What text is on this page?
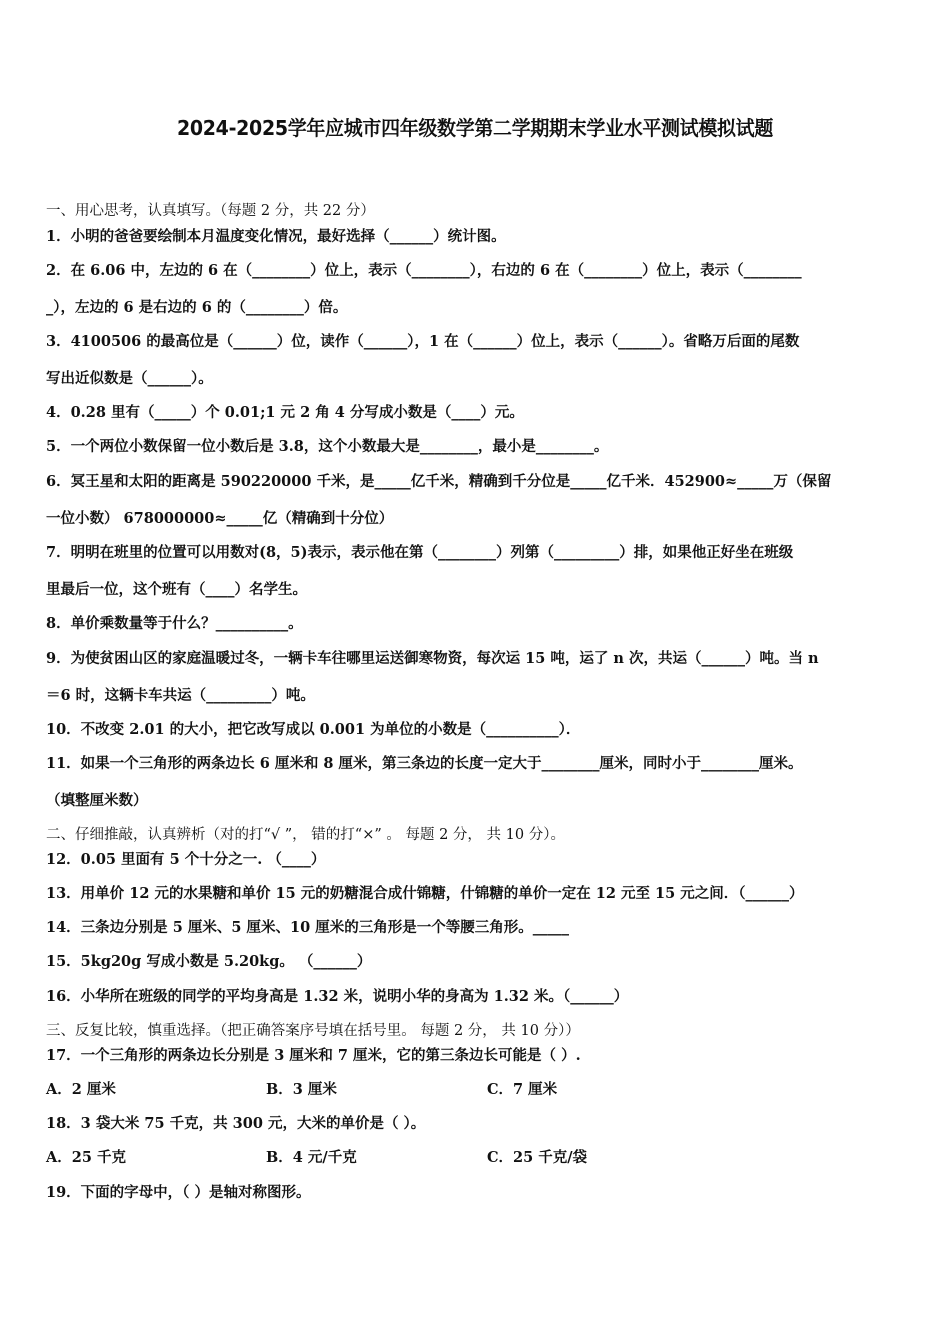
2024-2025学年应城市四年级数学第二学期期末学业水平测试模拟试题
一、用心思考，认真填写。（每题 2 分，共 22 分）
1．小明的爸爸要绘制本月温度变化情况，最好选择（______）统计图。
2．在 6.06 中，左边的 6 在（________）位上，表示（________），右边的 6 在（________）位上，表示（________
_），左边的 6 是右边的 6 的（________）倍。
3．4100506 的最高位是（______）位，读作（______），1 在（______）位上，表示（______）。省略万后面的尾数
写出近似数是（______）。
4．0.28 里有（_____）个 0.01;1 元 2 角 4 分写成小数是（____）元。
5．一个两位小数保留一位小数后是 3.8，这个小数最大是________，最小是________。
6．冥王星和太阳的距离是 590220000 千米，是_____亿千米，精确到千分位是_____亿千米．452900≈_____万（保留
一位小数） 678000000≈_____亿（精确到十分位）
7．明明在班里的位置可以用数对(8，5)表示，表示他在第（________）列第（_________）排，如果他正好坐在班级
里最后一位，这个班有（____）名学生。
8．单价乘数量等于什么？__________。
9．为使贫困山区的家庭温暖过冬，一辆卡车往哪里运送御寒物资，每次运 15 吨，运了 n 次，共运（______）吨。当 n
＝6 时，这辆卡车共运（_________）吨。
10．不改变 2.01 的大小，把它改写成以 0.001 为单位的小数是（__________）．
11．如果一个三角形的两条边长 6 厘米和 8 厘米，第三条边的长度一定大于________厘米，同时小于________厘米。
（填整厘米数）
二、仔细推敲，认真辨析（对的打“√ ”， 错的打“×” 。 每题 2 分， 共 10 分）。
12．0.05 里面有 5 个十分之一. （____）
13．用单价 12 元的水果糖和单价 15 元的奶糖混合成什锦糖，什锦糖的单价一定在 12 元至 15 元之间．（______）
14．三条边分别是 5 厘米、5 厘米、10 厘米的三角形是一个等腰三角形。_____
15．5kg20g 写成小数是 5.20kg。 （______）
16．小华所在班级的同学的平均身高是 1.32 米，说明小华的身高为 1.32 米。（______）
三、反复比较，慎重选择。（把正确答案序号填在括号里。 每题 2 分， 共 10 分））
17．一个三角形的两条边长分别是 3 厘米和 7 厘米，它的第三条边长可能是（ ）.
A．2 厘米	B．3 厘米	C．7 厘米
18．3 袋大米 75 千克，共 300 元，大米的单价是（ ）。
A．25 千克	B．4 元/千克	C．25 千克/袋
19．下面的字母中，（ ）是轴对称图形。
